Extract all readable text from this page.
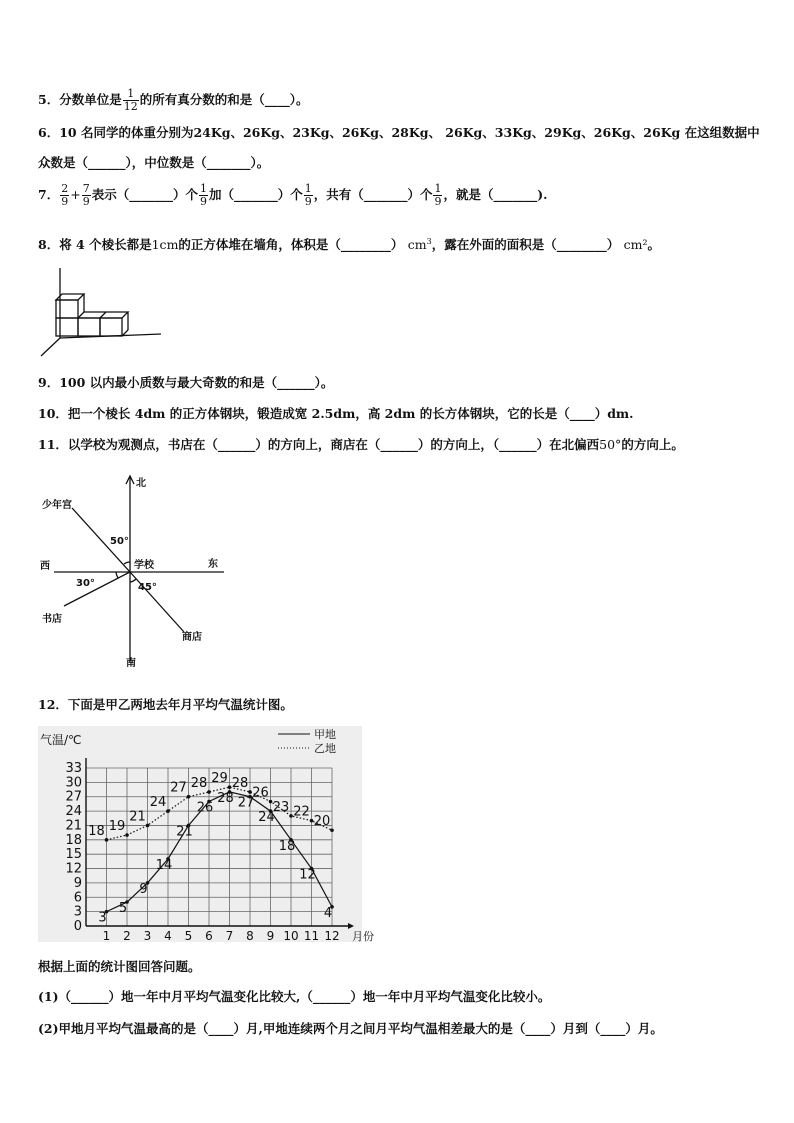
5．分数单位是 $\frac{1}{12}$ 的所有真分数的和是（____）。
6．10 名同学的体重分别为24Kg、26Kg、23Kg、26Kg、28Kg、 26Kg、33Kg、29Kg、26Kg、26Kg 在这组数据中
众数是（______），中位数是（_______）。
7． $\frac{2}{9} + \frac{7}{9}$ 表示（_______）个 $\frac{1}{9}$ 加（_______）个 $\frac{1}{9}$ ，共有（_______）个 $\frac{1}{9}$ ，就是（_______).
8．将 4 个棱长都是1cm的正方体堆在墙角，体积是（________） $cm^3$，露在外面的面积是（________） cm²。
9．100 以内最小质数与最大奇数的和是（______）。
10．把一个棱长 4dm 的正方体钢块，锻造成宽 2.5dm，高 2dm 的长方体钢块，它的长是（____）dm.
11．以学校为观测点，书店在（______）的方向上，商店在（______）的方向上，（______）在北偏西50°的方向上。
北
南
东
西	学校
少年宫
书店
商店
50°
30°	45°
12．下面是甲乙两地去年月平均气温统计图。
0
3
6
9
12
15
18
21
24
27
30
33
1 2 3 4 5 6 7 8 9 10 11 12
气温/℃
月份
甲地
乙地
3
5
9
14
21
26
28 27
24
18
12
4
18 19
21
24
27 28 29 28
26
23 22
20
根据上面的统计图回答问题。
(1)（______）地一年中月平均气温变化比较大,（______）地一年中月平均气温变化比较小。
(2)甲地月平均气温最高的是（____）月,甲地连续两个月之间月平均气温相差最大的是（____）月到（____）月。
